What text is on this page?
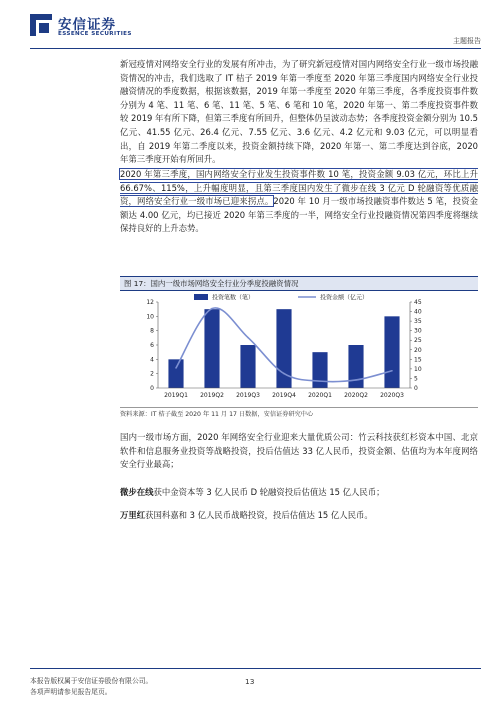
安信证券
ESSENCE SECURITIES
主题报告

新冠疫情对网络安全行业的发展有所冲击，为了研究新冠疫情对国内网络安全行业一级市场投融资情况的冲击，我们选取了 IT 桔子 2019 年第一季度至 2020 年第三季度国内网络安全行业投融资情况的季度数据，根据该数据，2019 年第一季度至 2020 年第三季度，各季度投资事件数分别为 4 笔、11 笔、6 笔、11 笔、5 笔、6 笔和 10 笔，2020 年第一、第二季度投资事件数较 2019 年有所下降，但第三季度有所回升，但整体仍呈波动态势；各季度投资金额分别为 10.5 亿元、41.55 亿元、26.4 亿元、7.55 亿元、3.6 亿元、4.2 亿元和 9.03 亿元，可以明显看出，自 2019 年第二季度以来，投资金额持续下降，2020 年第一、第二季度达到谷底，2020 年第三季度开始有所回升。

2020 年第三季度，国内网络安全行业发生投资事件数 10 笔，投资金额 9.03 亿元，环比上升 66.67%、115%，上升幅度明显，且第三季度国内发生了微步在线 3 亿元 D 轮融资等优质融资，网络安全行业一级市场已迎来拐点。2020 年 10 月一级市场投融资事件数达 5 笔，投资金额达 4.00 亿元，均已接近 2020 年第三季度的一半，网络安全行业投融资情况第四季度将继续保持良好的上升态势。

图 17：国内一级市场网络安全行业分季度投融资情况
投资笔数（笔）	投资金额（亿元）
0
2
4
6
8
10
12
0
5
10
15
20
25
30
35
40
45
2019Q1 2019Q2 2019Q3 2019Q4 2020Q1 2020Q2 2020Q3
资料来源：IT 桔子截至 2020 年 11 月 17 日数据，安信证券研究中心

国内一级市场方面，2020 年网络安全行业迎来大量优质公司：竹云科技获红杉资本中国、北京软件和信息服务业投资等战略投资，投后估值达 33 亿人民币，投资金额、估值均为本年度网络安全行业最高；

微步在线获中金资本等 3 亿人民币 D 轮融资投后估值达 15 亿人民币；

万里红获国科嘉和 3 亿人民币战略投资，投后估值达 15 亿人民币。

本报告版权属于安信证券股份有限公司。
各项声明请参见报告尾页。
13
